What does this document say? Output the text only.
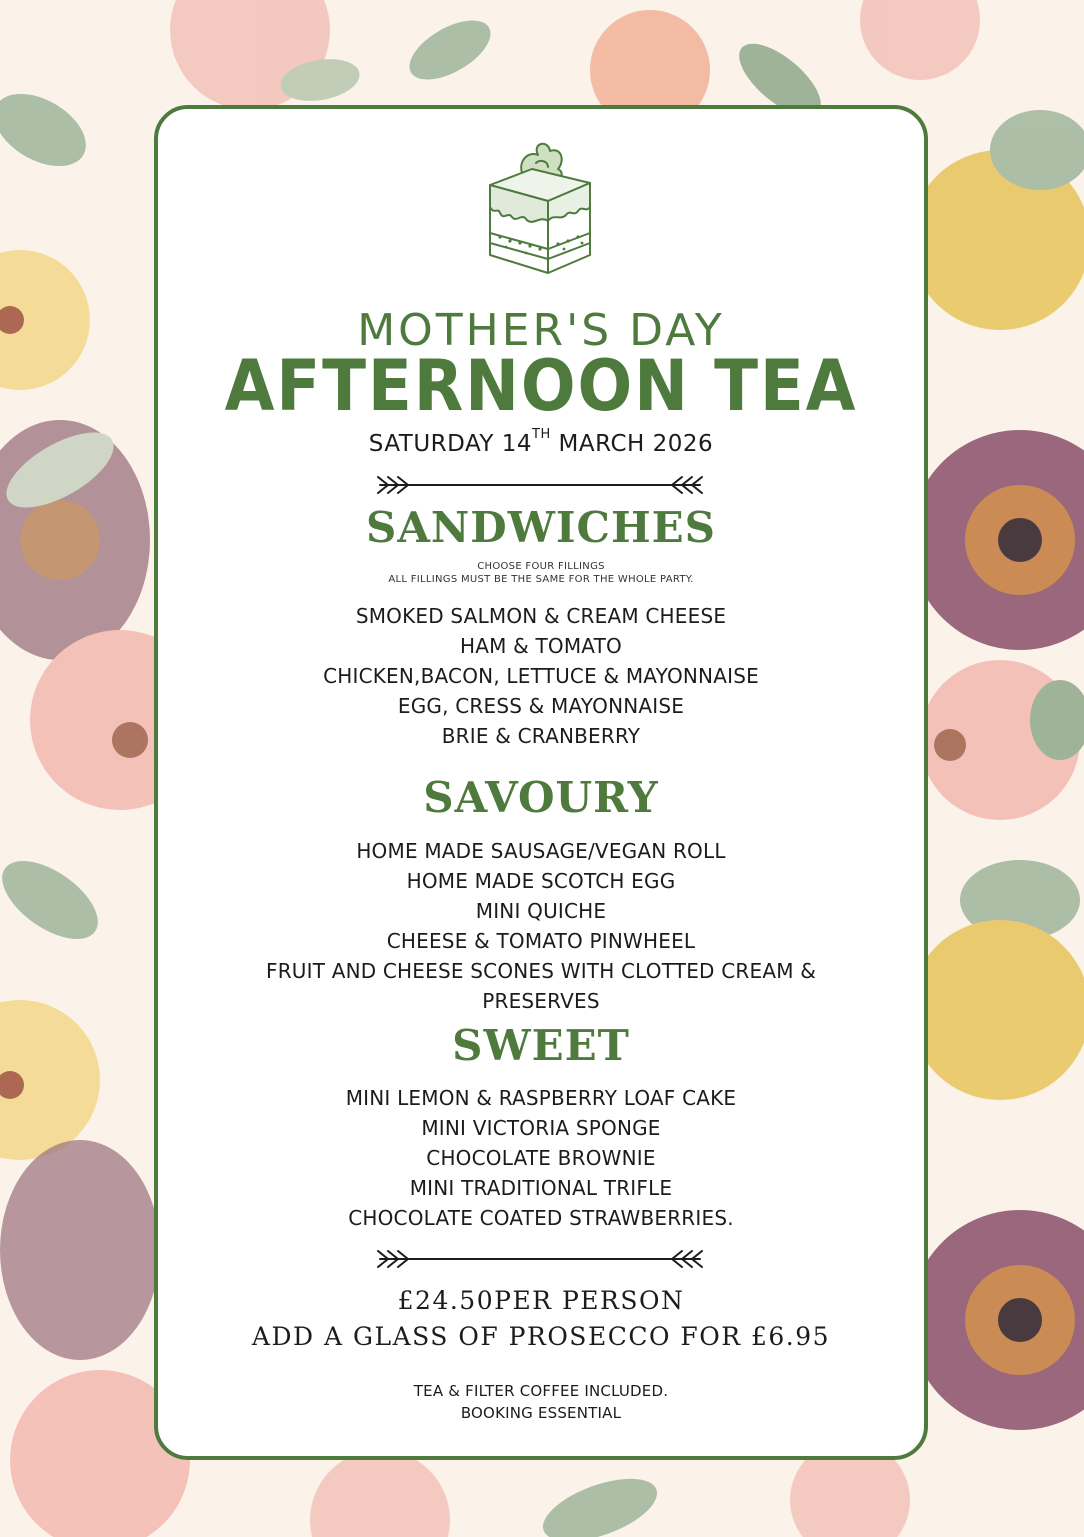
MOTHER'S DAY
AFTERNOON TEA
SATURDAY 14TH MARCH 2026
SANDWICHES
CHOOSE FOUR FILLINGS
ALL FILLINGS MUST BE THE SAME FOR THE WHOLE PARTY.
SMOKED SALMON & CREAM CHEESE
HAM & TOMATO
CHICKEN,BACON, LETTUCE & MAYONNAISE
EGG, CRESS & MAYONNAISE
BRIE & CRANBERRY
SAVOURY
HOME MADE SAUSAGE/VEGAN ROLL
HOME MADE SCOTCH EGG
MINI QUICHE
CHEESE & TOMATO PINWHEEL
FRUIT AND CHEESE SCONES WITH CLOTTED CREAM &
PRESERVES
SWEET
MINI LEMON & RASPBERRY LOAF CAKE
MINI VICTORIA SPONGE
CHOCOLATE BROWNIE
MINI TRADITIONAL TRIFLE
CHOCOLATE COATED STRAWBERRIES.
£24.50PER PERSON
ADD A GLASS OF PROSECCO FOR £6.95
TEA & FILTER COFFEE INCLUDED.
BOOKING ESSENTIAL
